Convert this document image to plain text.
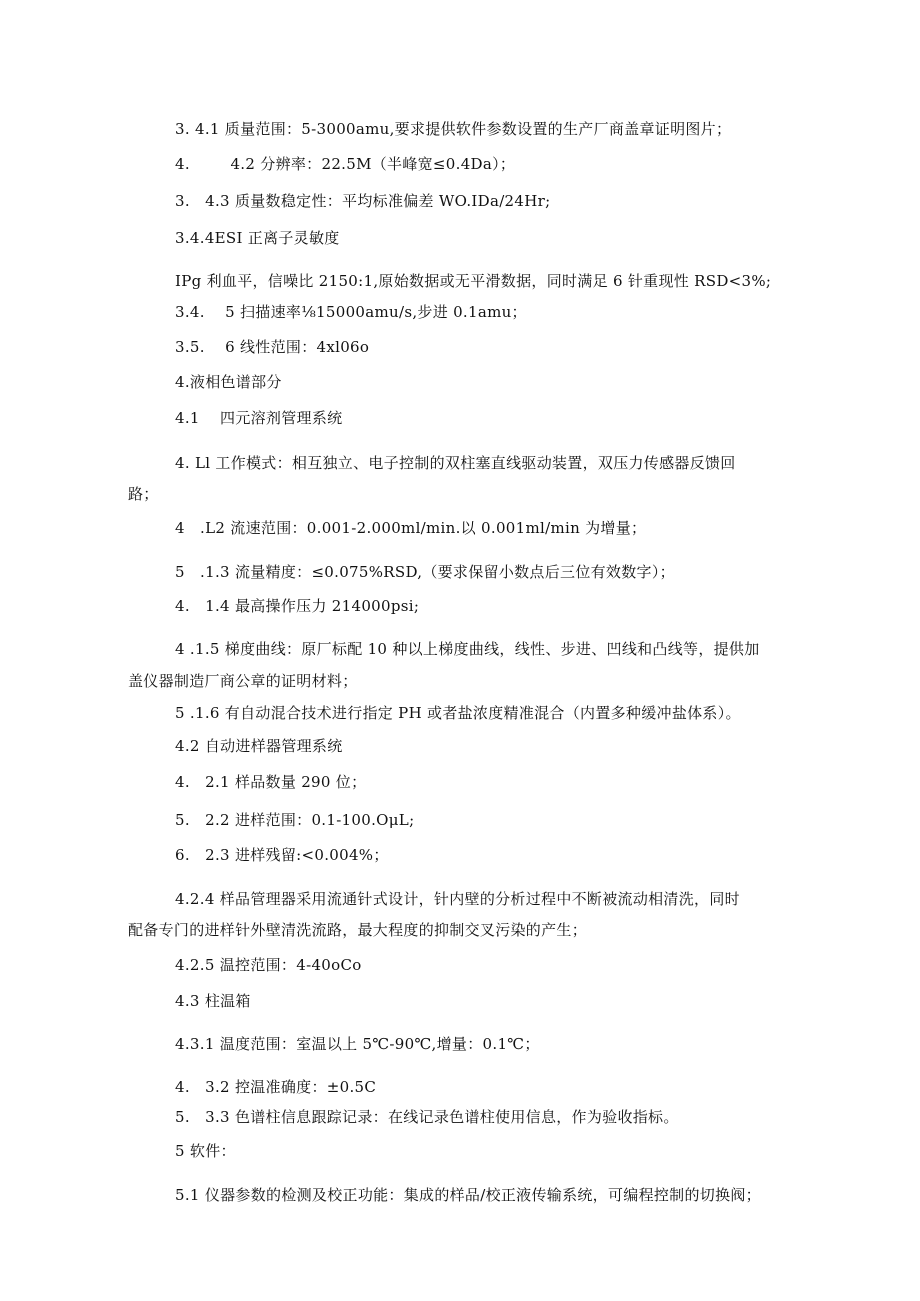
3. 4.1 质量范围：5-3000amu,要求提供软件参数设置的生产厂商盖章证明图片；
4.        4.2 分辨率：22.5M（半峰宽≤0.4Da）；
3.   4.3 质量数稳定性：平均标准偏差 WO.IDa/24Hr;
3.4.4ESI 正离子灵敏度
IPg 利血平，信噪比 2150:1,原始数据或无平滑数据，同时满足 6 针重现性 RSD<3%;
3.4.    5 扫描速率⅛15000amu/s,步进 0.1amu；
3.5.    6 线性范围：4xl06o
4.液相色谱部分
4.1    四元溶剂管理系统
4. Ll 工作模式：相互独立、电子控制的双柱塞直线驱动装置，双压力传感器反馈回
路；
4   .L2 流速范围：0.001-2.000ml/min.以 0.001ml/min 为增量；
5   .1.3 流量精度：≤0.075%RSD,（要求保留小数点后三位有效数字）；
4.   1.4 最高操作压力 214000psi;
4 .1.5 梯度曲线：原厂标配 10 种以上梯度曲线，线性、步进、凹线和凸线等，提供加
盖仪器制造厂商公章的证明材料；
5 .1.6 有自动混合技术进行指定 PH 或者盐浓度精准混合（内置多种缓冲盐体系）。
4.2 自动进样器管理系统
4.   2.1 样品数量 290 位；
5.   2.2 进样范围：0.1-100.OμL;
6.   2.3 进样残留:<0.004%；
4.2.4 样品管理器采用流通针式设计，针内壁的分析过程中不断被流动相清洗，同时
配备专门的进样针外壁清洗流路，最大程度的抑制交叉污染的产生；
4.2.5 温控范围：4-40oCo
4.3 柱温箱
4.3.1 温度范围：室温以上 5℃-90℃,增量：0.1℃；
4.   3.2 控温准确度：±0.5C
5.   3.3 色谱柱信息跟踪记录：在线记录色谱柱使用信息，作为验收指标。
5 软件：
5.1 仪器参数的检测及校正功能：集成的样品/校正液传输系统，可编程控制的切换阀；
